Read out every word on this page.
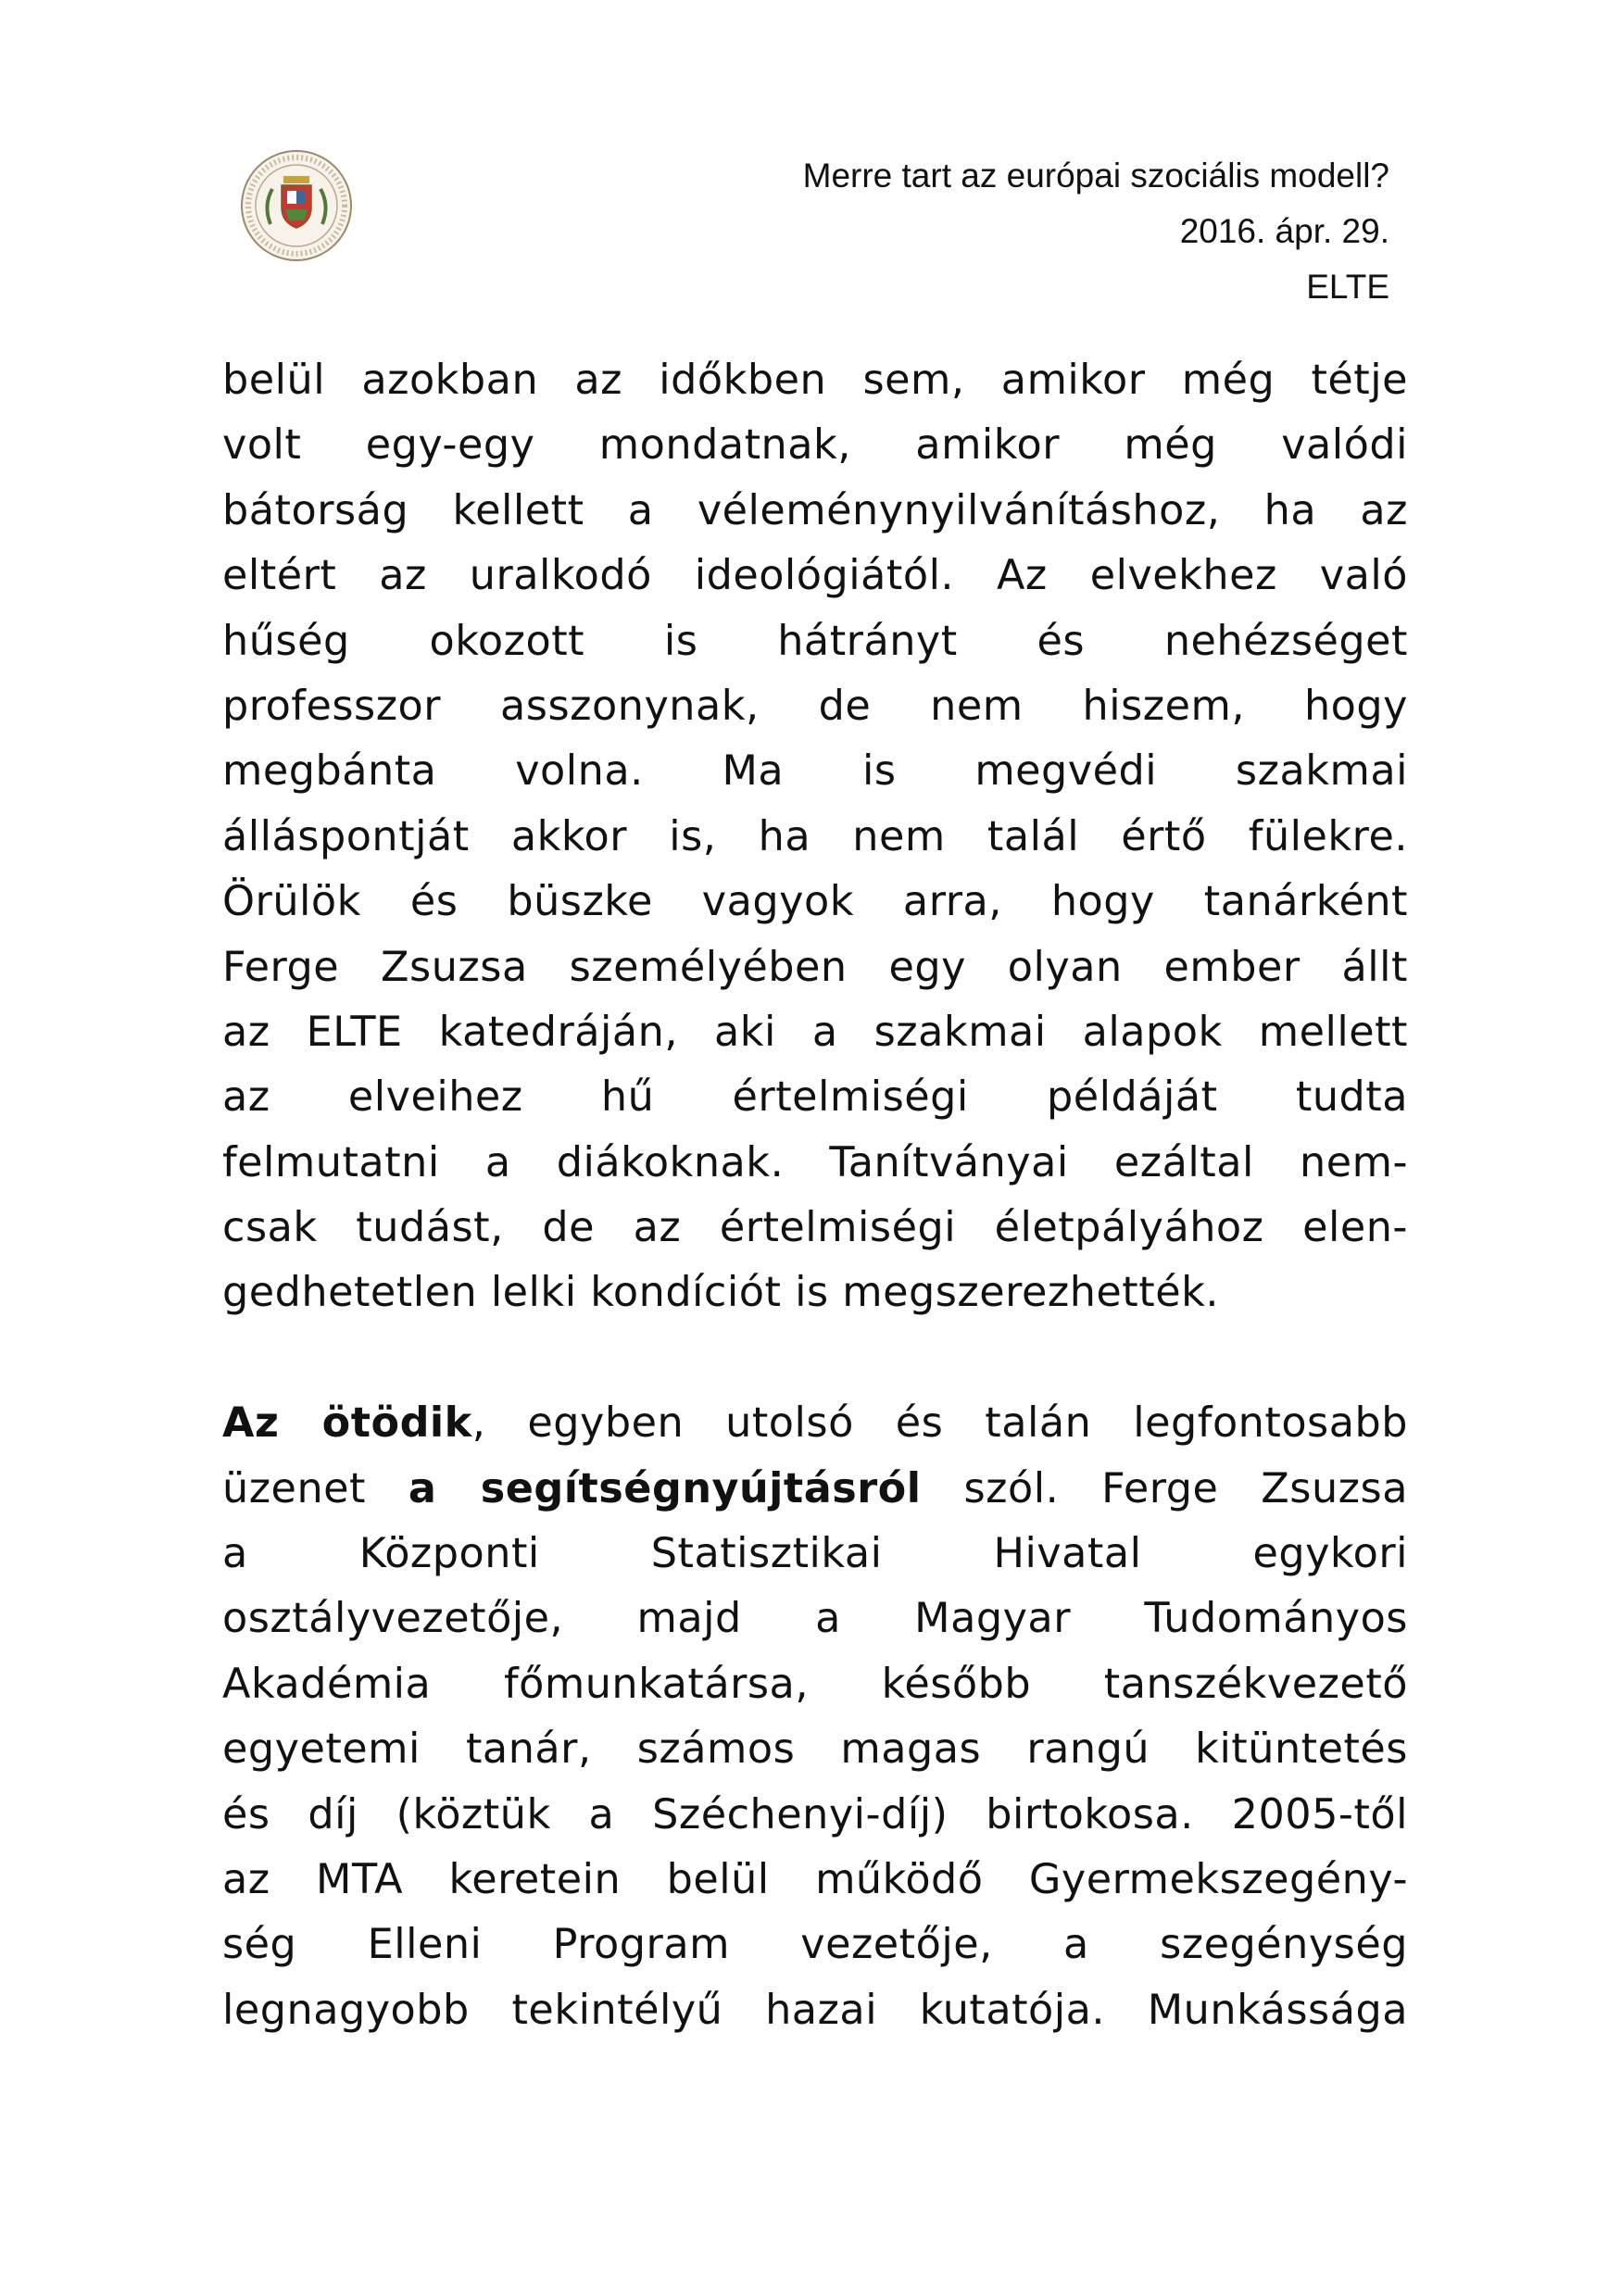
Merre tart az európai szociális modell?
2016. ápr. 29.
ELTE
belül azokban az időkben sem, amikor még tétje
volt egy-egy mondatnak, amikor még valódi
bátorság kellett a véleménynyilvánításhoz, ha az
eltért az uralkodó ideológiától. Az elvekhez való
hűség okozott is hátrányt és nehézséget
professzor asszonynak, de nem hiszem, hogy
megbánta volna. Ma is megvédi szakmai
álláspontját akkor is, ha nem talál értő fülekre.
Örülök és büszke vagyok arra, hogy tanárként
Ferge Zsuzsa személyében egy olyan ember állt
az ELTE katedráján, aki a szakmai alapok mellett
az elveihez hű értelmiségi példáját tudta
felmutatni a diákoknak. Tanítványai ezáltal nem-
csak tudást, de az értelmiségi életpályához elen-
gedhetetlen lelki kondíciót is megszerezhették.
Az ötödik, egyben utolsó és talán legfontosabb
üzenet a segítségnyújtásról szól. Ferge Zsuzsa
a Központi Statisztikai Hivatal egykori
osztályvezetője, majd a Magyar Tudományos
Akadémia főmunkatársa, később tanszékvezető
egyetemi tanár, számos magas rangú kitüntetés
és díj (köztük a Széchenyi-díj) birtokosa. 2005-től
az MTA keretein belül működő Gyermekszegény-
ség Elleni Program vezetője, a szegénység
legnagyobb tekintélyű hazai kutatója. Munkássága
